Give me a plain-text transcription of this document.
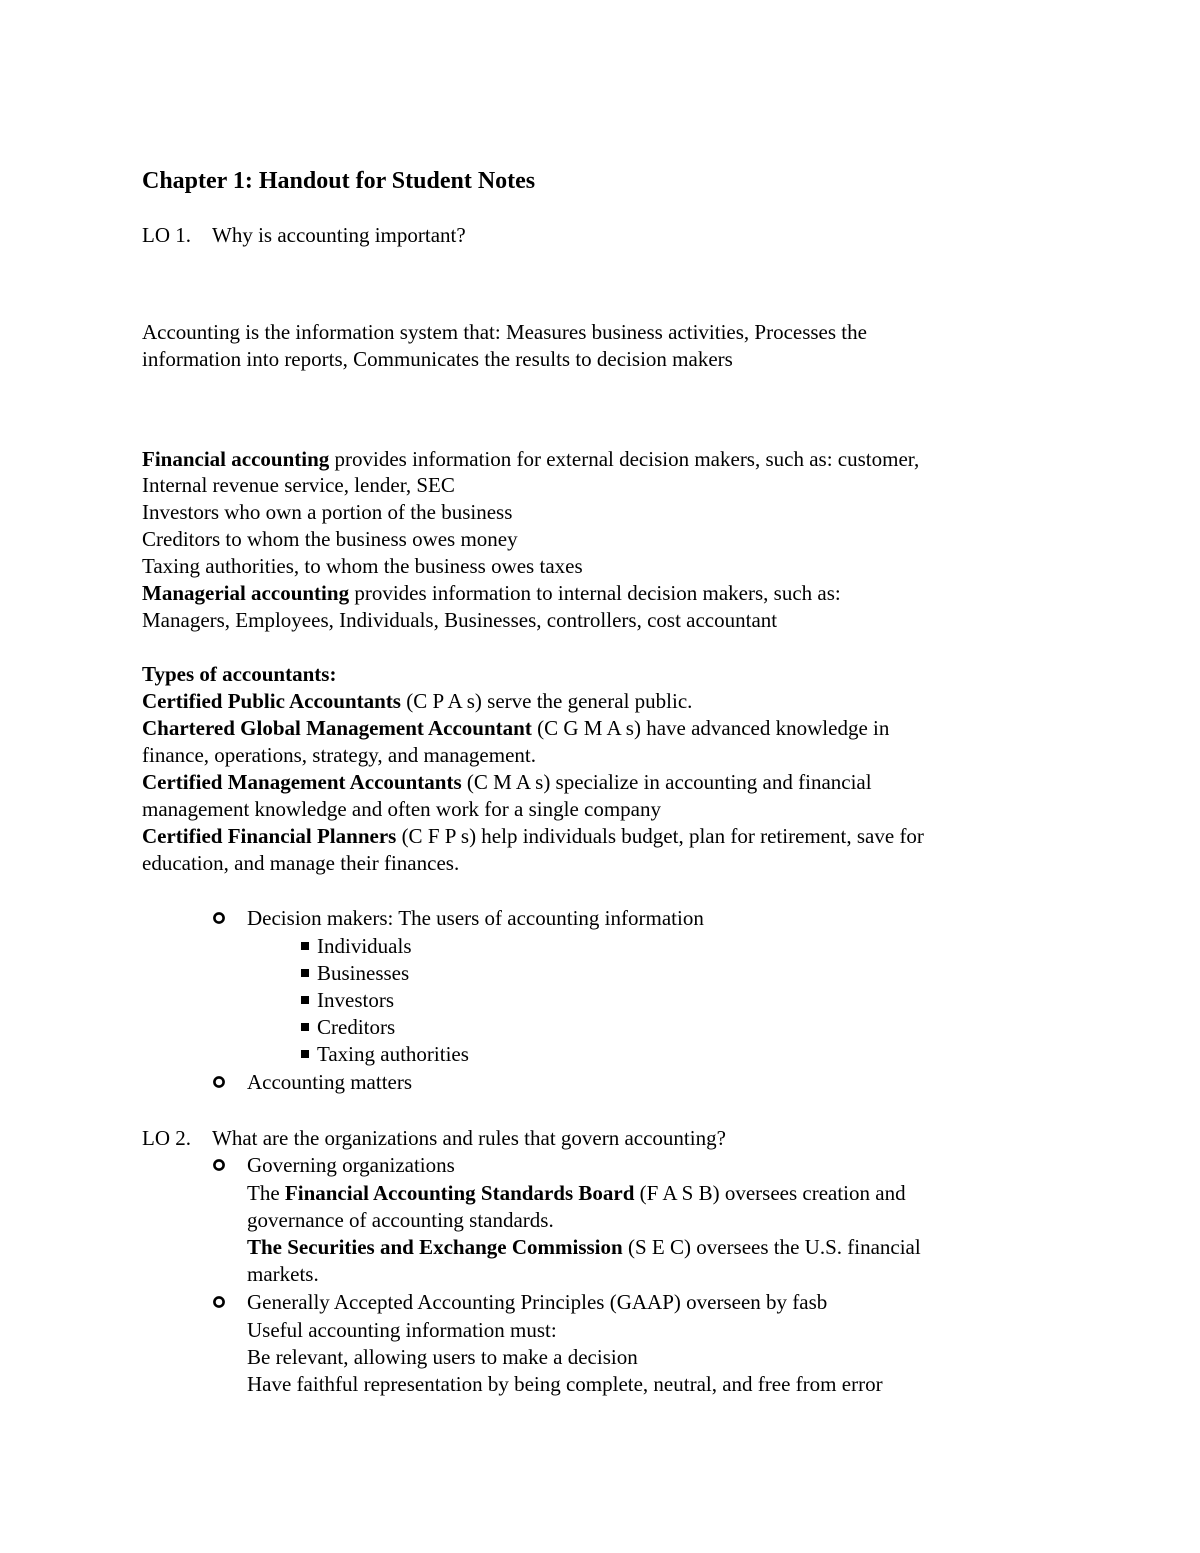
Chapter 1: Handout for Student Notes
LO 1. Why is accounting important?
Accounting is the information system that: Measures business activities, Processes the
information into reports, Communicates the results to decision makers
Financial accounting provides information for external decision makers, such as: customer,
Internal revenue service, lender, SEC
Investors who own a portion of the business
Creditors to whom the business owes money
Taxing authorities, to whom the business owes taxes
Managerial accounting provides information to internal decision makers, such as:
Managers, Employees, Individuals, Businesses, controllers, cost accountant
Types of accountants:
Certified Public Accountants (C P A s) serve the general public.
Chartered Global Management Accountant (C G M A s) have advanced knowledge in
finance, operations, strategy, and management.
Certified Management Accountants (C M A s) specialize in accounting and financial
management knowledge and often work for a single company
Certified Financial Planners (C F P s) help individuals budget, plan for retirement, save for
education, and manage their finances.
Decision makers: The users of accounting information
Individuals
Businesses
Investors
Creditors
Taxing authorities
Accounting matters
LO 2. What are the organizations and rules that govern accounting?
Governing organizations
The Financial Accounting Standards Board (F A S B) oversees creation and
governance of accounting standards.
The Securities and Exchange Commission (S E C) oversees the U.S. financial
markets.
Generally Accepted Accounting Principles (GAAP) overseen by fasb
Useful accounting information must:
Be relevant, allowing users to make a decision
Have faithful representation by being complete, neutral, and free from error
